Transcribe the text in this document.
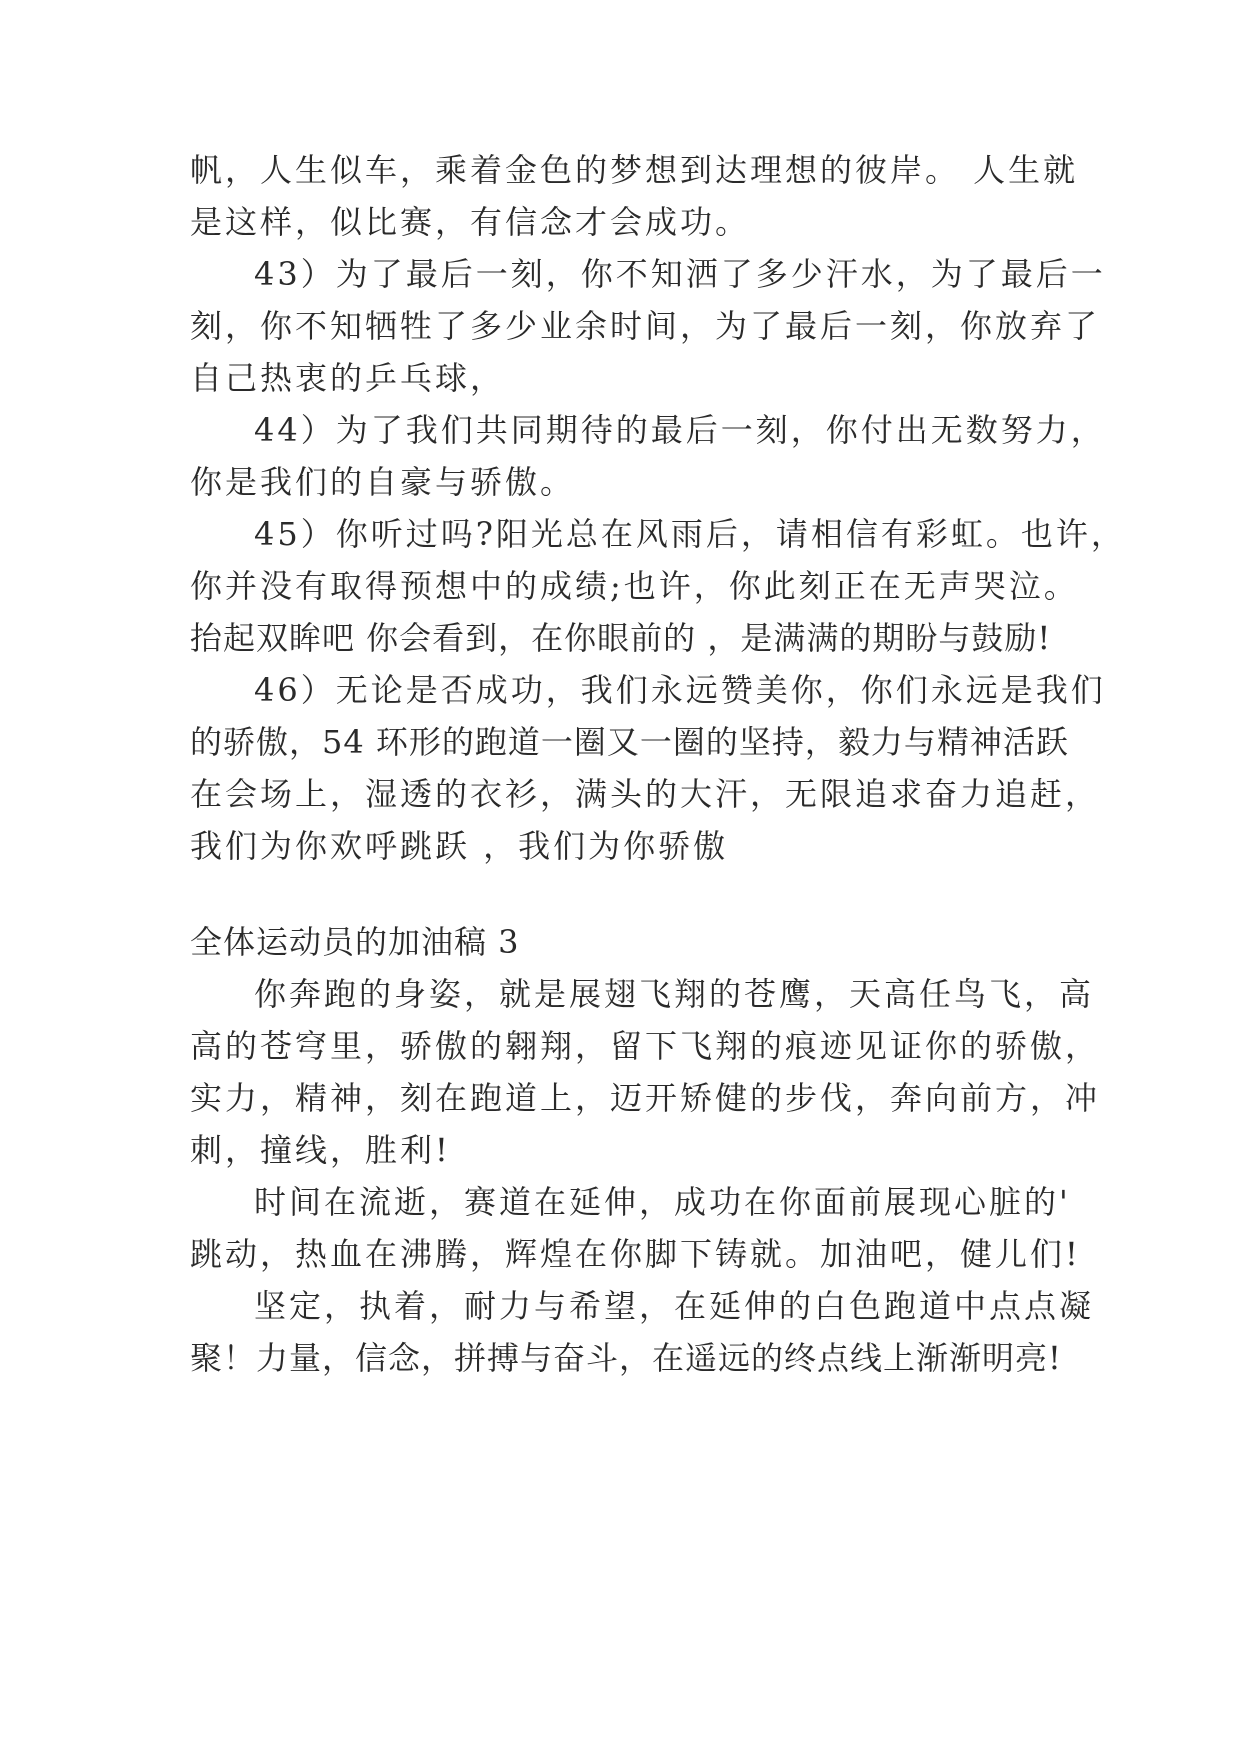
帆，人生似车，乘着金色的梦想到达理想的彼岸。 人生就
是这样，似比赛，有信念才会成功。
43）为了最后一刻，你不知洒了多少汗水，为了最后一
刻，你不知牺牲了多少业余时间，为了最后一刻，你放弃了
自己热衷的乒乓球，
44）为了我们共同期待的最后一刻，你付出无数努力，
你是我们的自豪与骄傲。
45）你听过吗?阳光总在风雨后，请相信有彩虹。也许，
你并没有取得预想中的成绩;也许，你此刻正在无声哭泣。
抬起双眸吧 你会看到，在你眼前的 ，是满满的期盼与鼓励!
46）无论是否成功，我们永远赞美你，你们永远是我们
的骄傲，54 环形的跑道一圈又一圈的坚持，毅力与精神活跃
在会场上，湿透的衣衫，满头的大汗，无限追求奋力追赶，
我们为你欢呼跳跃 ，我们为你骄傲
全体运动员的加油稿 3
你奔跑的身姿，就是展翅飞翔的苍鹰，天高任鸟飞，高
高的苍穹里，骄傲的翱翔，留下飞翔的痕迹见证你的骄傲，
实力，精神，刻在跑道上，迈开矫健的步伐，奔向前方，冲
刺，撞线，胜利!
时间在流逝，赛道在延伸，成功在你面前展现心脏的'
跳动，热血在沸腾，辉煌在你脚下铸就。加油吧，健儿们!
坚定，执着，耐力与希望，在延伸的白色跑道中点点凝
聚！力量，信念，拼搏与奋斗，在遥远的终点线上渐渐明亮!
